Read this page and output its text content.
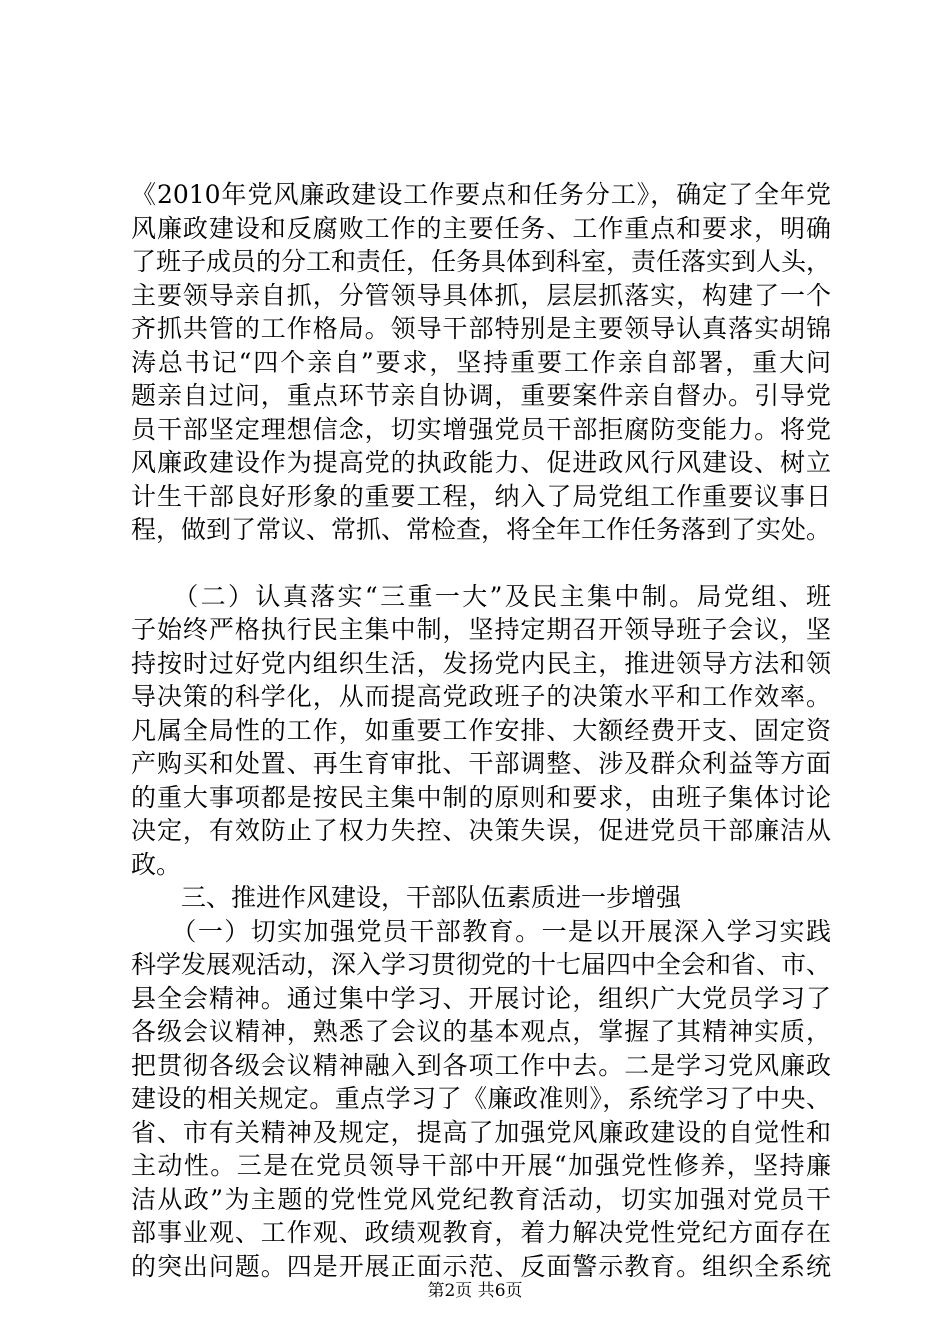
《2010年党风廉政建设工作要点和任务分工》，确定了全年党
风廉政建设和反腐败工作的主要任务、工作重点和要求，明确
了班子成员的分工和责任，任务具体到科室，责任落实到人头，
主要领导亲自抓，分管领导具体抓，层层抓落实，构建了一个
齐抓共管的工作格局。领导干部特别是主要领导认真落实胡锦
涛总书记“四个亲自”要求，坚持重要工作亲自部署，重大问
题亲自过问，重点环节亲自协调，重要案件亲自督办。引导党
员干部坚定理想信念，切实增强党员干部拒腐防变能力。将党
风廉政建设作为提高党的执政能力、促进政风行风建设、树立
计生干部良好形象的重要工程，纳入了局党组工作重要议事日
程，做到了常议、常抓、常检查，将全年工作任务落到了实处。
　　（二）认真落实“三重一大”及民主集中制。局党组、班
子始终严格执行民主集中制，坚持定期召开领导班子会议，坚
持按时过好党内组织生活，发扬党内民主，推进领导方法和领
导决策的科学化，从而提高党政班子的决策水平和工作效率。
凡属全局性的工作，如重要工作安排、大额经费开支、固定资
产购买和处置、再生育审批、干部调整、涉及群众利益等方面
的重大事项都是按民主集中制的原则和要求，由班子集体讨论
决定，有效防止了权力失控、决策失误，促进党员干部廉洁从
政。
　　三、推进作风建设，干部队伍素质进一步增强
　　（一）切实加强党员干部教育。一是以开展深入学习实践
科学发展观活动，深入学习贯彻党的十七届四中全会和省、市、
县全会精神。通过集中学习、开展讨论，组织广大党员学习了
各级会议精神，熟悉了会议的基本观点，掌握了其精神实质，
把贯彻各级会议精神融入到各项工作中去。二是学习党风廉政
建设的相关规定。重点学习了《廉政准则》，系统学习了中央、
省、市有关精神及规定，提高了加强党风廉政建设的自觉性和
主动性。三是在党员领导干部中开展“加强党性修养，坚持廉
洁从政”为主题的党性党风党纪教育活动，切实加强对党员干
部事业观、工作观、政绩观教育，着力解决党性党纪方面存在
的突出问题。四是开展正面示范、反面警示教育。组织全系统
第2页 共6页
